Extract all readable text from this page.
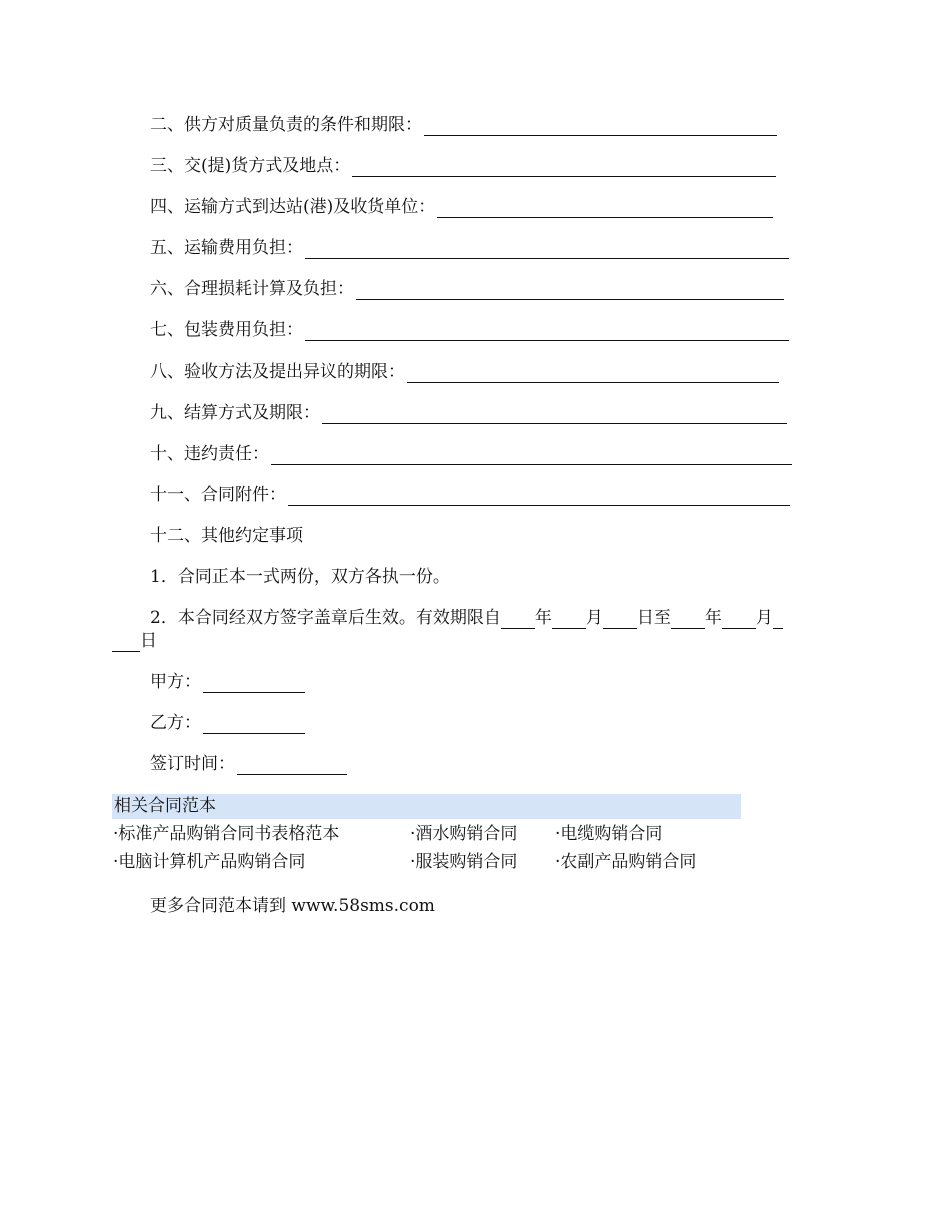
二、供方对质量负责的条件和期限：
三、交(提)货方式及地点：
四、运输方式到达站(港)及收货单位：
五、运输费用负担：
六、合理损耗计算及负担：
七、包装费用负担：
八、验收方法及提出异议的期限：
九、结算方式及期限：
十、违约责任：
十一、合同附件：
十二、其他约定事项
1．合同正本一式两份，双方各执一份。
2．本合同经双方签字盖章后生效。有效期限自 年 月 日至 年 月
日
甲方：
乙方：
签订时间：
相关合同范本
·标准产品购销合同书表格范本	·酒水购销合同 ·电缆购销合同
·电脑计算机产品购销合同	·服装购销合同 ·农副产品购销合同
更多合同范本请到 www.58sms.com
